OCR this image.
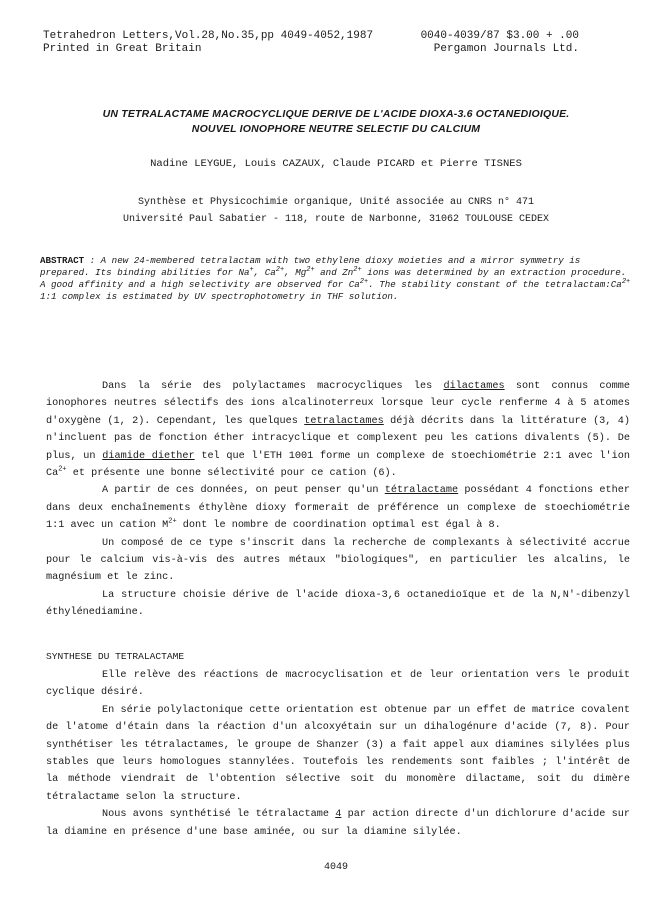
Tetrahedron Letters,Vol.28,No.35,pp 4049-4052,1987	0040-4039/87 $3.00 + .00
Printed in Great Britain	Pergamon Journals Ltd.
UN TETRALACTAME MACROCYCLIQUE DERIVE DE L'ACIDE DIOXA-3.6 OCTANEDIOIQUE.
NOUVEL IONOPHORE NEUTRE SELECTIF DU CALCIUM
Nadine LEYGUE, Louis CAZAUX, Claude PICARD et Pierre TISNES
Synthèse et Physicochimie organique, Unité associée au CNRS n° 471
Université Paul Sabatier - 118, route de Narbonne, 31062 TOULOUSE CEDEX
ABSTRACT : A new 24-membered tetralactam with two ethylene dioxy moieties and a mirror symmetry is prepared. Its binding abilities for Na+, $Ca^{2+}$, $Mg^{2+}$ and $Zn^{2+}$ ions was determined by an extraction procedure. A good affinity and a high selectivity are observed for $Ca^{2+}$. The stability constant of the $tetralactam:Ca^{2+}$ 1:1 complex is estimated by UV spectrophotometry in THF solution.

Dans la série des polylactames macrocycliques les dilactames sont connus comme ionophores neutres sélectifs des ions alcalinoterreux lorsque leur cycle renferme 4 à 5 atomes d'oxygène (1, 2). Cependant, les quelques tetralactames déjà décrits dans la littérature (3, 4) n'incluent pas de fonction éther intracyclique et complexent peu les cations divalents (5). De plus, un diamide diether tel que l'ETH 1001 forme un complexe de stoechiométrie 2:1 avec l'ion $Ca^{2+}$ et présente une bonne sélectivité pour ce cation (6).

A partir de ces données, on peut penser qu'un tétralactame possédant 4 fonctions ether dans deux enchaînements éthylène dioxy formerait de préférence un complexe de stoechiométrie 1:1 avec un cation $M^{2+}$ dont le nombre de coordination optimal est égal à 8.

Un composé de ce type s'inscrit dans la recherche de complexants à sélectivité accrue pour le calcium vis-à-vis des autres métaux "biologiques", en particulier les alcalins, le magnésium et le zinc.

La structure choisie dérive de l'acide dioxa-3,6 octanedioïque et de la N,N'-dibenzyl éthylénediamine.

SYNTHESE DU TETRALACTAME

Elle relève des réactions de macrocyclisation et de leur orientation vers le produit cyclique désiré.

En série polylactonique cette orientation est obtenue par un effet de matrice covalent de l'atome d'étain dans la réaction d'un alcoxyétain sur un dihalogénure d'acide (7, 8). Pour synthétiser les tétralactames, le groupe de Shanzer (3) a fait appel aux diamines silylées plus stables que leurs homologues stannylées. Toutefois les rendements sont faibles ; l'intérêt de la méthode viendrait de l'obtention sélective soit du monomère dilactame, soit du dimère tétralactame selon la structure.

Nous avons synthétisé le tétralactame 4 par action directe d'un dichlorure d'acide sur la diamine en présence d'une base aminée, ou sur la diamine silylée.

4049
